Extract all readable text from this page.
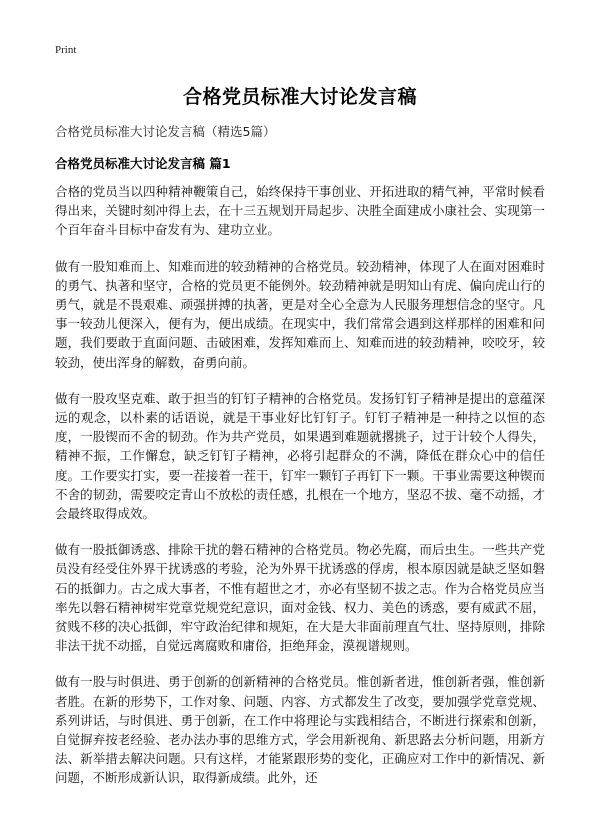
Print
合格党员标准大讨论发言稿
合格党员标准大讨论发言稿（精选5篇）
合格党员标准大讨论发言稿 篇1

合格的党员当以四种精神鞭策自己，始终保持干事创业、开拓进取的精气神，平常时候看得出来，关键时刻冲得上去，在十三五规划开局起步、决胜全面建成小康社会、实现第一个百年奋斗目标中奋发有为、建功立业。

做有一股知难而上、知难而进的较劲精神的合格党员。较劲精神，体现了人在面对困难时的勇气、执著和坚守，合格的党员更不能例外。较劲精神就是明知山有虎、偏向虎山行的勇气，就是不畏艰难、顽强拼搏的执著，更是对全心全意为人民服务理想信念的坚守。凡事一较劲儿便深入，便有为，便出成绩。在现实中，我们常常会遇到这样那样的困难和问题，我们要敢于直面问题、击破困难，发挥知难而上、知难而进的较劲精神，咬咬牙，较较劲，使出浑身的解数，奋勇向前。

做有一股攻坚克难、敢于担当的钉钉子精神的合格党员。发扬钉钉子精神是提出的意蕴深远的观念，以朴素的话语说，就是干事业好比钉钉子。钉钉子精神是一种持之以恒的态度，一股锲而不舍的韧劲。作为共产党员，如果遇到难题就撂挑子，过于计较个人得失，精神不振，工作懈怠，缺乏钉钉子精神，必将引起群众的不满，降低在群众心中的信任度。工作要实打实，要一茬接着一茬干，钉牢一颗钉子再钉下一颗。干事业需要这种锲而不舍的韧劲，需要咬定青山不放松的责任感，扎根在一个地方，坚忍不拔、毫不动摇，才会最终取得成效。

做有一股抵御诱惑、排除干扰的磐石精神的合格党员。物必先腐，而后虫生。一些共产党员没有经受住外界干扰诱惑的考验，沦为外界干扰诱惑的俘虏，根本原因就是缺乏坚如磐石的抵御力。古之成大事者，不惟有超世之才，亦必有坚韧不拔之志。作为合格党员应当率先以磐石精神树牢党章党规党纪意识，面对金钱、权力、美色的诱惑，要有威武不屈，贫贱不移的决心抵御，牢守政治纪律和规矩，在大是大非面前理直气壮、坚持原则，排除非法干扰不动摇，自觉远离腐败和庸俗，拒绝拜金，漠视谱规则。

做有一股与时俱进、勇于创新的创新精神的合格党员。惟创新者进，惟创新者强，惟创新者胜。在新的形势下，工作对象、问题、内容、方式都发生了改变，要加强学党章党规、系列讲话，与时俱进、勇于创新，在工作中将理论与实践相结合，不断进行探索和创新，自觉摒弃按老经验、老办法办事的思维方式，学会用新视角、新思路去分析问题，用新方法、新举措去解决问题。只有这样，才能紧跟形势的变化，正确应对工作中的新情况、新问题，不断形成新认识，取得新成绩。此外，还
